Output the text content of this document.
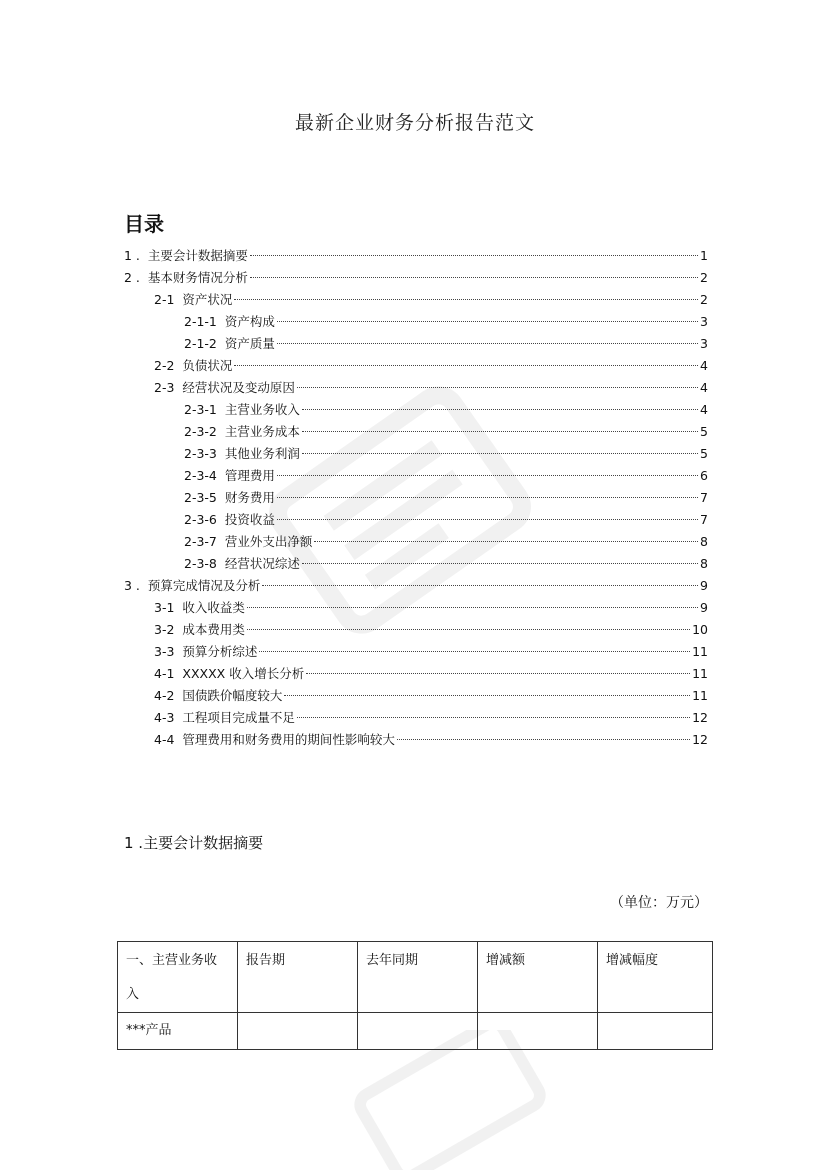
最新企业财务分析报告范文
目录
1 . 主要会计数据摘要	1
2 . 基本财务情况分析	2
2-1 资产状况	2
2-1-1 资产构成	3
2-1-2 资产质量	3
2-2 负债状况	4
2-3 经营状况及变动原因	4
2-3-1 主营业务收入	4
2-3-2 主营业务成本	5
2-3-3 其他业务利润	5
2-3-4 管理费用	6
2-3-5 财务费用	7
2-3-6 投资收益	7
2-3-7 营业外支出净额	8
2-3-8 经营状况综述	8
3 . 预算完成情况及分析	9
3-1 收入收益类	9
3-2 成本费用类	10
3-3 预算分析综述	11
4-1 XXXXX 收入增长分析	11
4-2 国债跌价幅度较大	11
4-3 工程项目完成量不足	12
4-4 管理费用和财务费用的期间性影响较大	12
1 .主要会计数据摘要
（单位：万元）
一、主营业务收入	报告期	去年同期	增减额	增减幅度
***产品				
